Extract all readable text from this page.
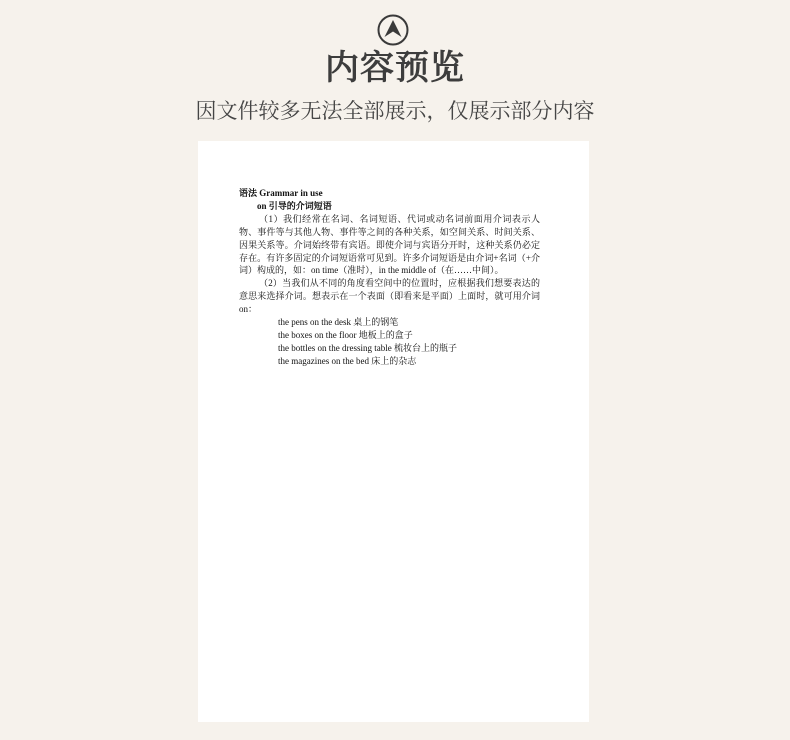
内容预览
因文件较多无法全部展示，仅展示部分内容
语法 Grammar in use
on 引导的介词短语

（1）我们经常在名词、名词短语、代词或动名词前面用介词表示人物、事件等与其他人物、事件等之间的各种关系，如空间关系、时间关系、因果关系等。介词始终带有宾语。即使介词与宾语分开时，这种关系仍必定存在。有许多固定的介词短语常可见到。许多介词短语是由介词+名词（+介词）构成的，如：on time（准时），in the middle of（在……中间）。

（2）当我们从不同的角度看空间中的位置时，应根据我们想要表达的意思来选择介词。想表示在一个表面（即看来是平面）上面时，就可用介词 on：

the pens on the desk 桌上的钢笔
the boxes on the floor 地板上的盒子
the bottles on the dressing table 梳妆台上的瓶子
the magazines on the bed 床上的杂志
